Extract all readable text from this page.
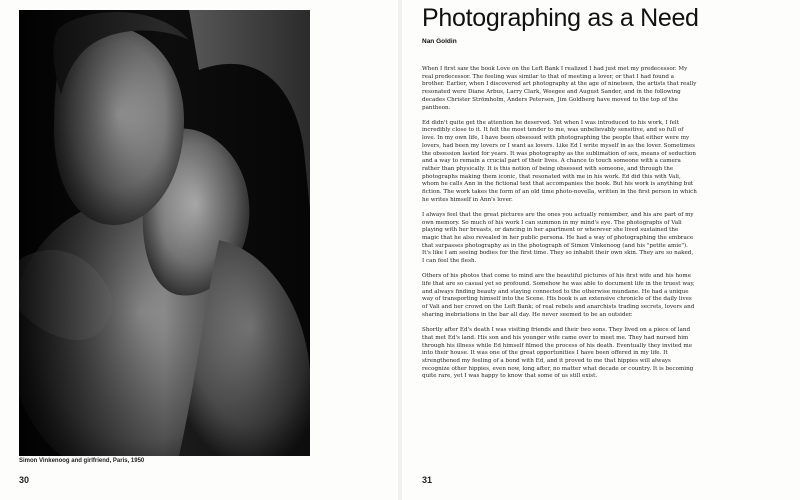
Simon Vinkenoog and girlfriend, Paris, 1950
30
Photographing as a Need
Nan Goldin

When I first saw the book Love on the Left Bank I realized I had just met my predecessor. My real predecessor. The feeling was similar to that of meeting a lover, or that I had found a brother. Earlier, when I discovered art photography at the age of nineteen, the artists that really resonated were Diane Arbus, Larry Clark, Weegee and August Sander, and in the following decades Christer Strömholm, Anders Petersen, Jim Goldberg have moved to the top of the pantheon.

Ed didn't quite get the attention he deserved. Yet when I was introduced to his work, I felt incredibly close to it. It felt the most tender to me, was unbelievably sensitive, and so full of love. In my own life, I have been obsessed with photographing the people that either were my lovers, had been my lovers or I want as lovers. Like Ed I write myself in as the lover. Sometimes the obsession lasted for years. It was photography as the sublimation of sex, means of seduction and a way to remain a crucial part of their lives. A chance to touch someone with a camera rather than physically. It is this notion of being obsessed with someone, and through the photographs making them iconic, that resonated with me in his work. Ed did this with Vali, whom he calls Ann in the fictional text that accompanies the book. But his work is anything but fiction. The work takes the form of an old time photo-novella, written in the first person in which he writes himself in Ann's lover.

I always feel that the great pictures are the ones you actually remember, and his are part of my own memory. So much of his work I can summon in my mind's eye. The photographs of Vali playing with her breasts, or dancing in her apartment or wherever she lived sustained the magic that he also revealed in her public persona. He had a way of photographing the embrace that surpasses photography as in the photograph of Simon Vinkenoog (and his "petite amie"). It's like I am seeing bodies for the first time. They so inhabit their own skin. They are so naked, I can feel the flesh.

Others of his photos that come to mind are the beautiful pictures of his first wife and his home life that are so casual yet so profound. Somehow he was able to document life in the truest way, and always finding beauty and staying connected to the otherwise mundane. He had a unique way of transporting himself into the Scene. His book is an extensive chronicle of the daily lives of Vali and her crowd on the Left Bank; of real rebels and anarchists trading secrets, lovers and sharing inebriations in the bar all day. He never seemed to be an outsider.

Shortly after Ed's death I was visiting friends and their two sons. They lived on a piece of land that met Ed's land. His son and his younger wife came over to meet me. They had nursed him through his illness while Ed himself filmed the process of his death. Eventually they invited me into their house. It was one of the great opportunities I have been offered in my life. It strengthened my feeling of a bond with Ed, and it proved to me that hippies will always recognize other hippies, even now, long after, no matter what decade or country. It is becoming quite rare, yet I was happy to know that some of us still exist.

31
